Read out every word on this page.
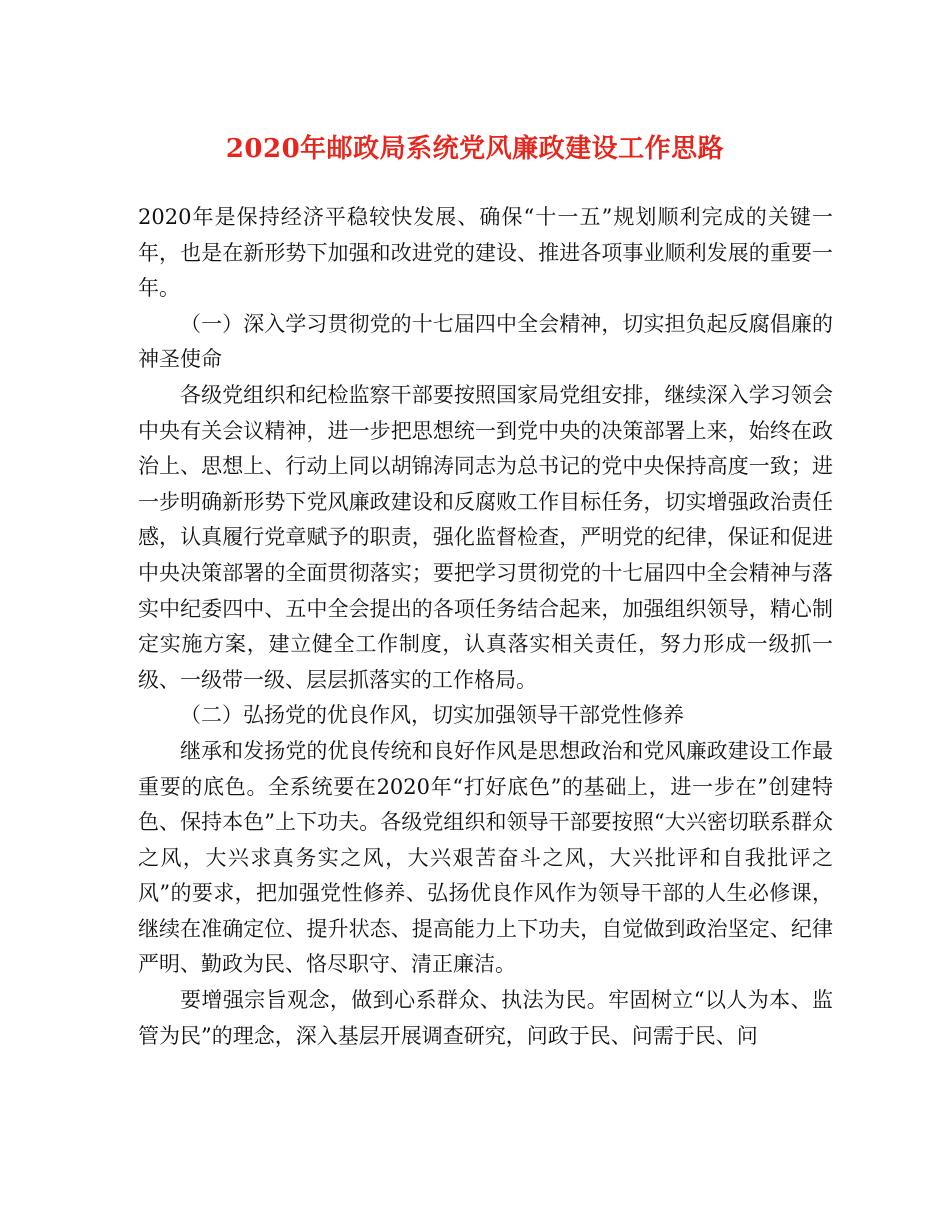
2020年邮政局系统党风廉政建设工作思路

2020年是保持经济平稳较快发展、确保“十一五”规划顺利完成的关键一年，也是在新形势下加强和改进党的建设、推进各项事业顺利发展的重要一年。

（一）深入学习贯彻党的十七届四中全会精神，切实担负起反腐倡廉的神圣使命

各级党组织和纪检监察干部要按照国家局党组安排，继续深入学习领会中央有关会议精神，进一步把思想统一到党中央的决策部署上来，始终在政治上、思想上、行动上同以胡锦涛同志为总书记的党中央保持高度一致；进一步明确新形势下党风廉政建设和反腐败工作目标任务，切实增强政治责任感，认真履行党章赋予的职责，强化监督检查，严明党的纪律，保证和促进中央决策部署的全面贯彻落实；要把学习贯彻党的十七届四中全会精神与落实中纪委四中、五中全会提出的各项任务结合起来，加强组织领导，精心制定实施方案，建立健全工作制度，认真落实相关责任，努力形成一级抓一级、一级带一级、层层抓落实的工作格局。

（二）弘扬党的优良作风，切实加强领导干部党性修养

继承和发扬党的优良传统和良好作风是思想政治和党风廉政建设工作最重要的底色。全系统要在2020年“打好底色”的基础上，进一步在”创建特色、保持本色”上下功夫。各级党组织和领导干部要按照“大兴密切联系群众之风，大兴求真务实之风，大兴艰苦奋斗之风，大兴批评和自我批评之风”的要求，把加强党性修养、弘扬优良作风作为领导干部的人生必修课，继续在准确定位、提升状态、提高能力上下功夫，自觉做到政治坚定、纪律严明、勤政为民、恪尽职守、清正廉洁。

要增强宗旨观念，做到心系群众、执法为民。牢固树立“以人为本、监管为民”的理念，深入基层开展调查研究，问政于民、问需于民、问
